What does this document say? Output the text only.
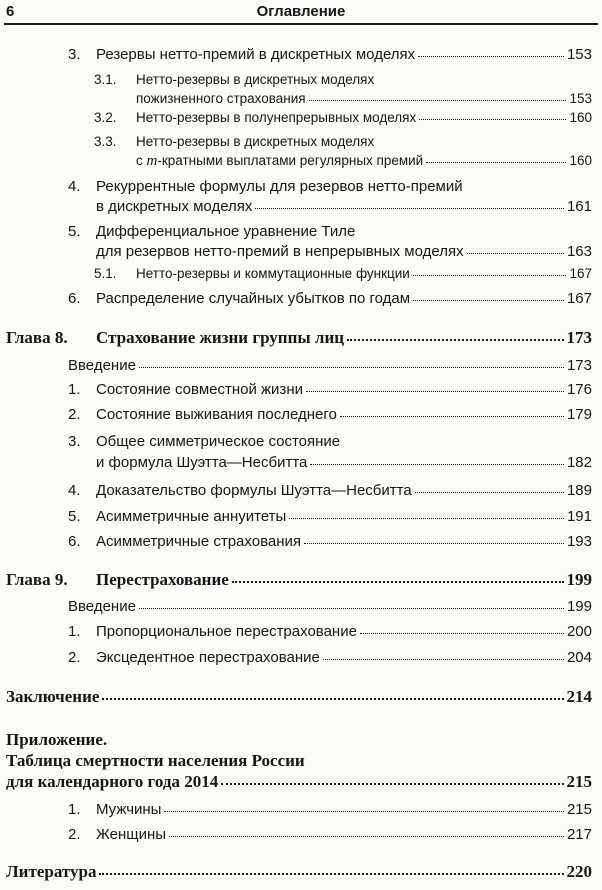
6	Оглавление
3.	Резервы нетто-премий в дискретных моделях	153
3.1.	Нетто-резервы в дискретных моделях
пожизненного страхования	153
3.2.	Нетто-резервы в полунепрерывных моделях	160
3.3.	Нетто-резервы в дискретных моделях
с m-кратными выплатами регулярных премий	160
4.	Рекуррентные формулы для резервов нетто-премий
в дискретных моделях	161
5.	Дифференциальное уравнение Тиле
для резервов нетто-премий в непрерывных моделях	163
5.1.	Нетто-резервы и коммутационные функции	167
6.	Распределение случайных убытков по годам	167
Глава 8.	Страхование жизни группы лиц	173
Введение	173
1.	Состояние совместной жизни	176
2.	Состояние выживания последнего	179
3.	Общее симметрическое состояние
и формула Шуэтта—Несбитта	182
4.	Доказательство формулы Шуэтта—Несбитта	189
5.	Асимметричные аннуитеты	191
6.	Асимметричные страхования	193
Глава 9.	Перестрахование	199
Введение	199
1.	Пропорциональное перестрахование	200
2.	Эксцедентное перестрахование	204
Заключение	214
Приложение.
Таблица смертности населения России
для календарного года 2014	215
1.	Мужчины	215
2.	Женщины	217
Литература	220
